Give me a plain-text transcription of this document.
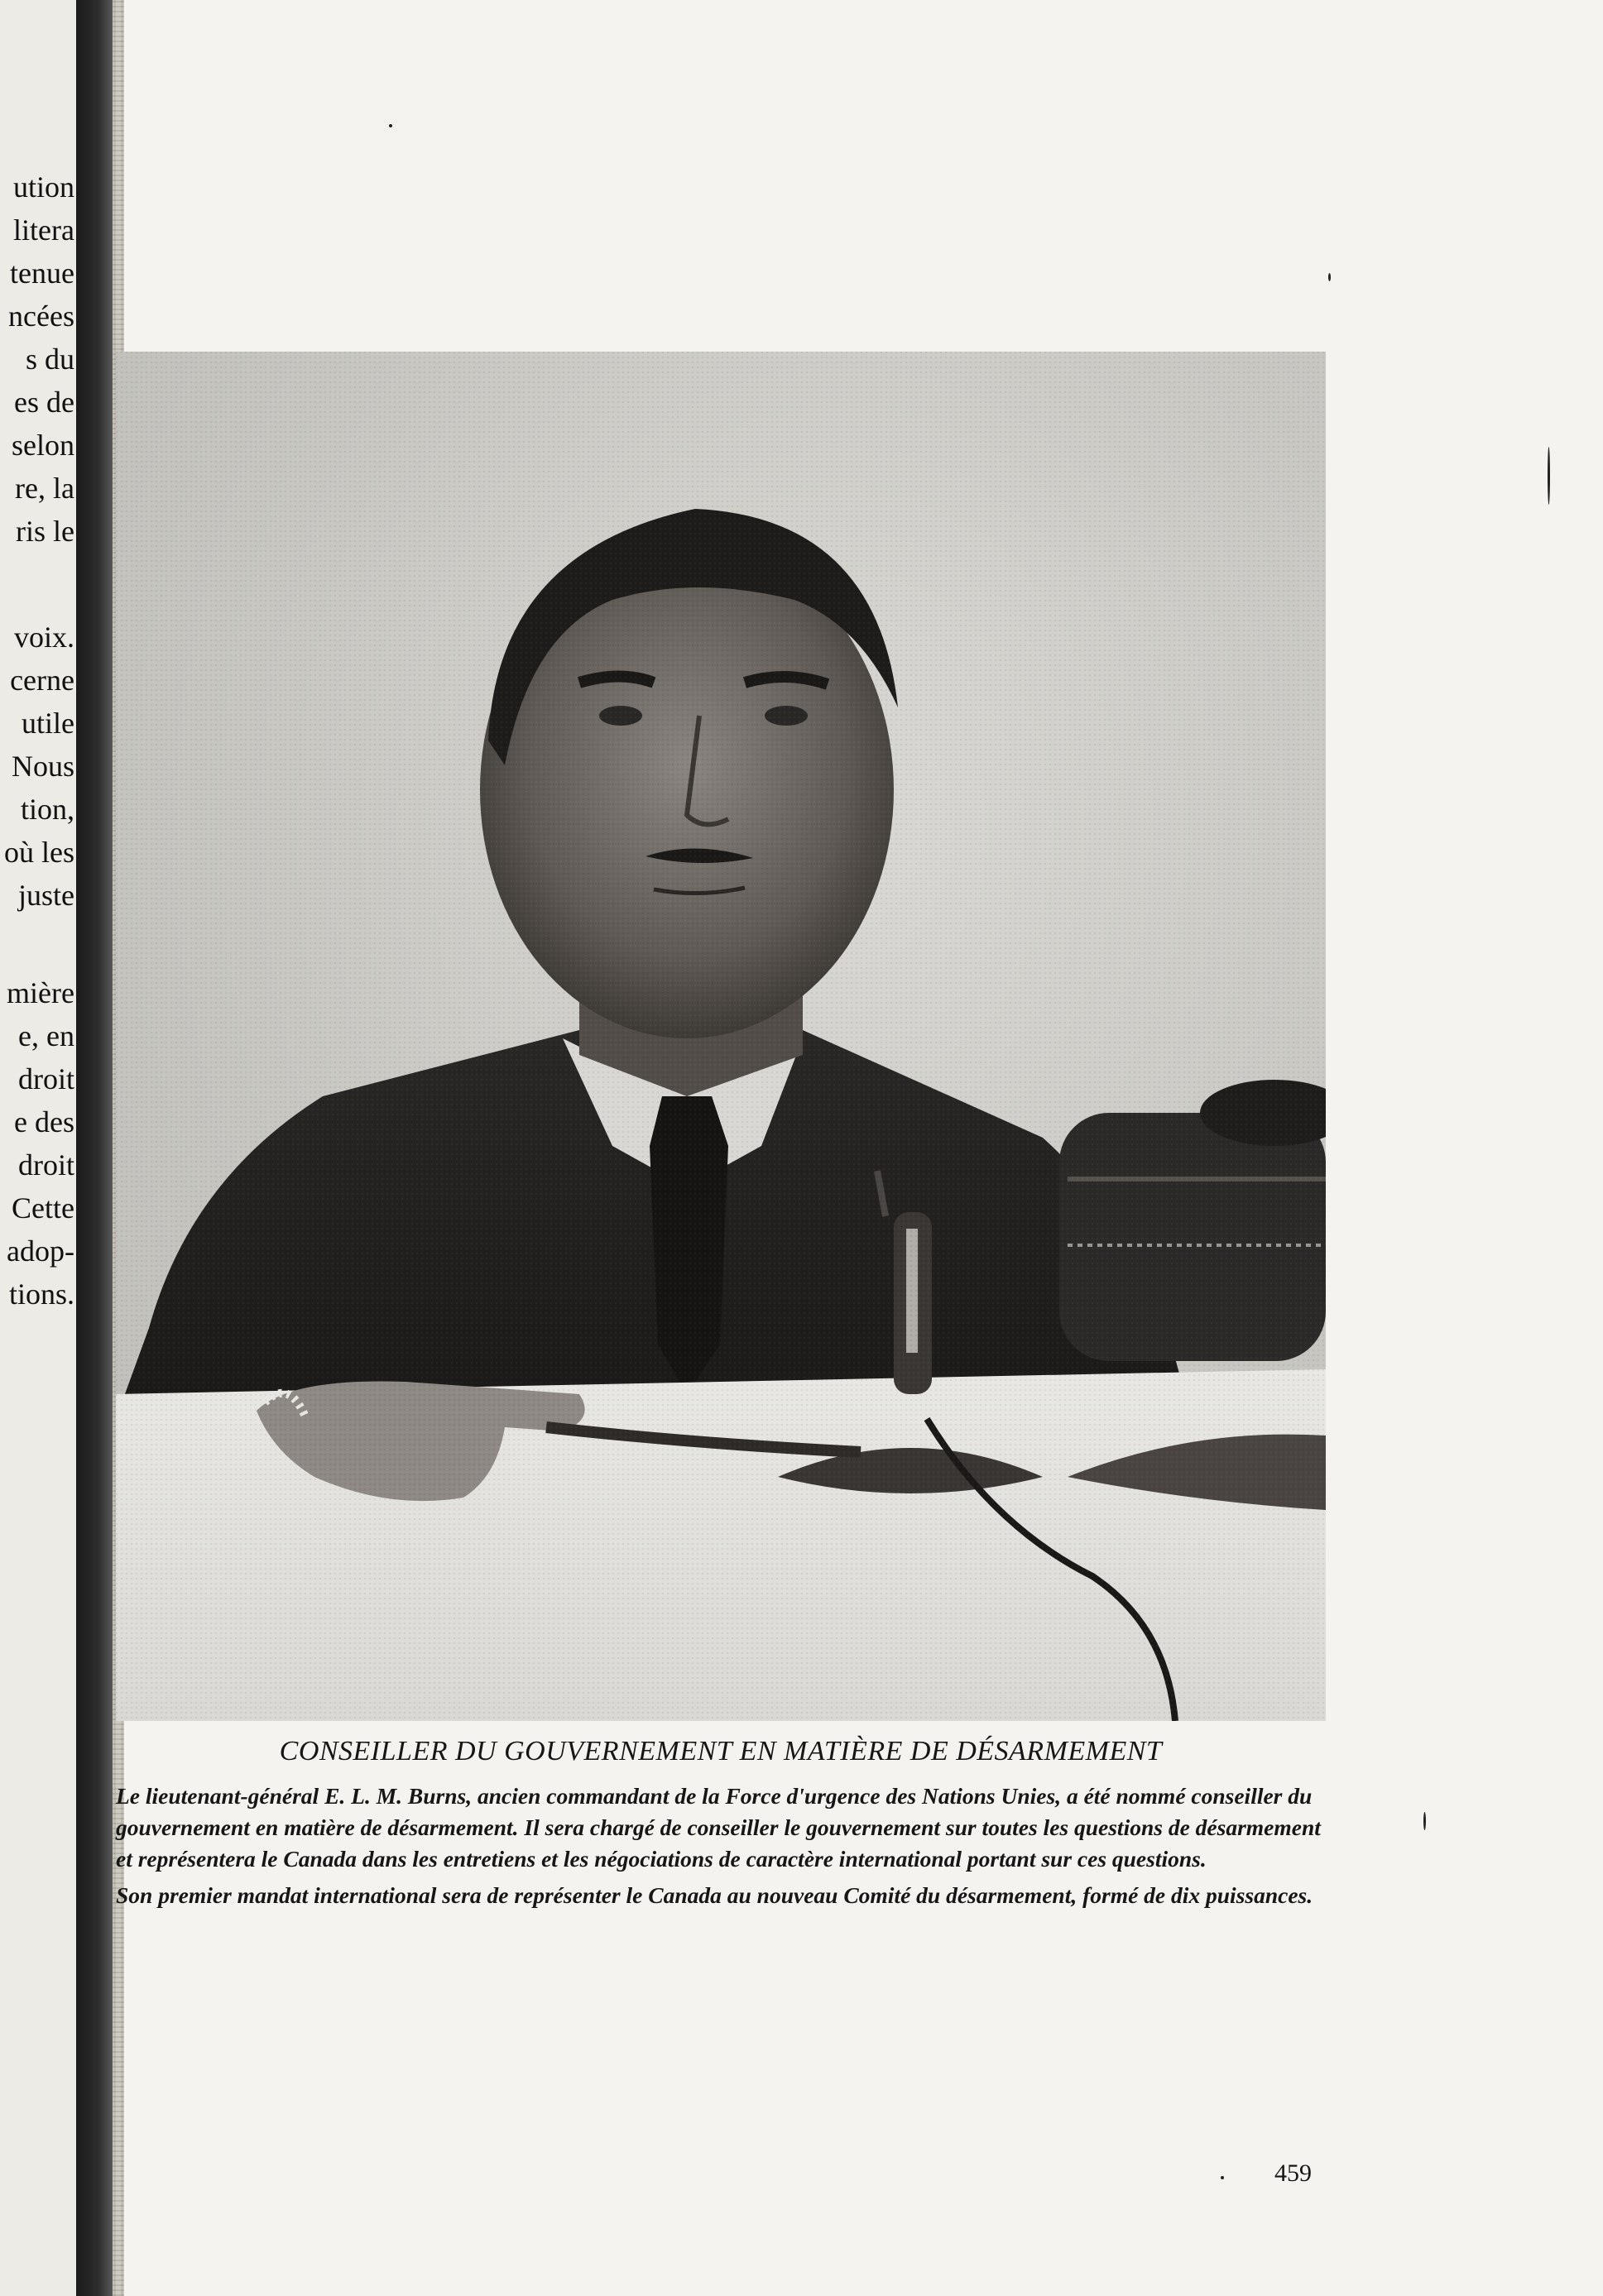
ution
litera
tenue
ncées
s du
es de
selon
re, la
ris le
voix.
cerne
utile
Nous
tion,
où les
juste
mière
e, en
droit
e des
droit
Cette
adop-
tions.
CONSEILLER DU GOUVERNEMENT EN MATIÈRE DE DÉSARMEMENT

Le lieutenant-général E. L. M. Burns, ancien commandant de la Force d'urgence des Nations Unies, a été nommé conseiller du gouvernement en matière de désarmement. Il sera chargé de conseiller le gouvernement sur toutes les questions de désarmement et représentera le Canada dans les entretiens et les négociations de caractère international portant sur ces questions.

Son premier mandat international sera de représenter le Canada au nouveau Comité du désarmement, formé de dix puissances.

459
